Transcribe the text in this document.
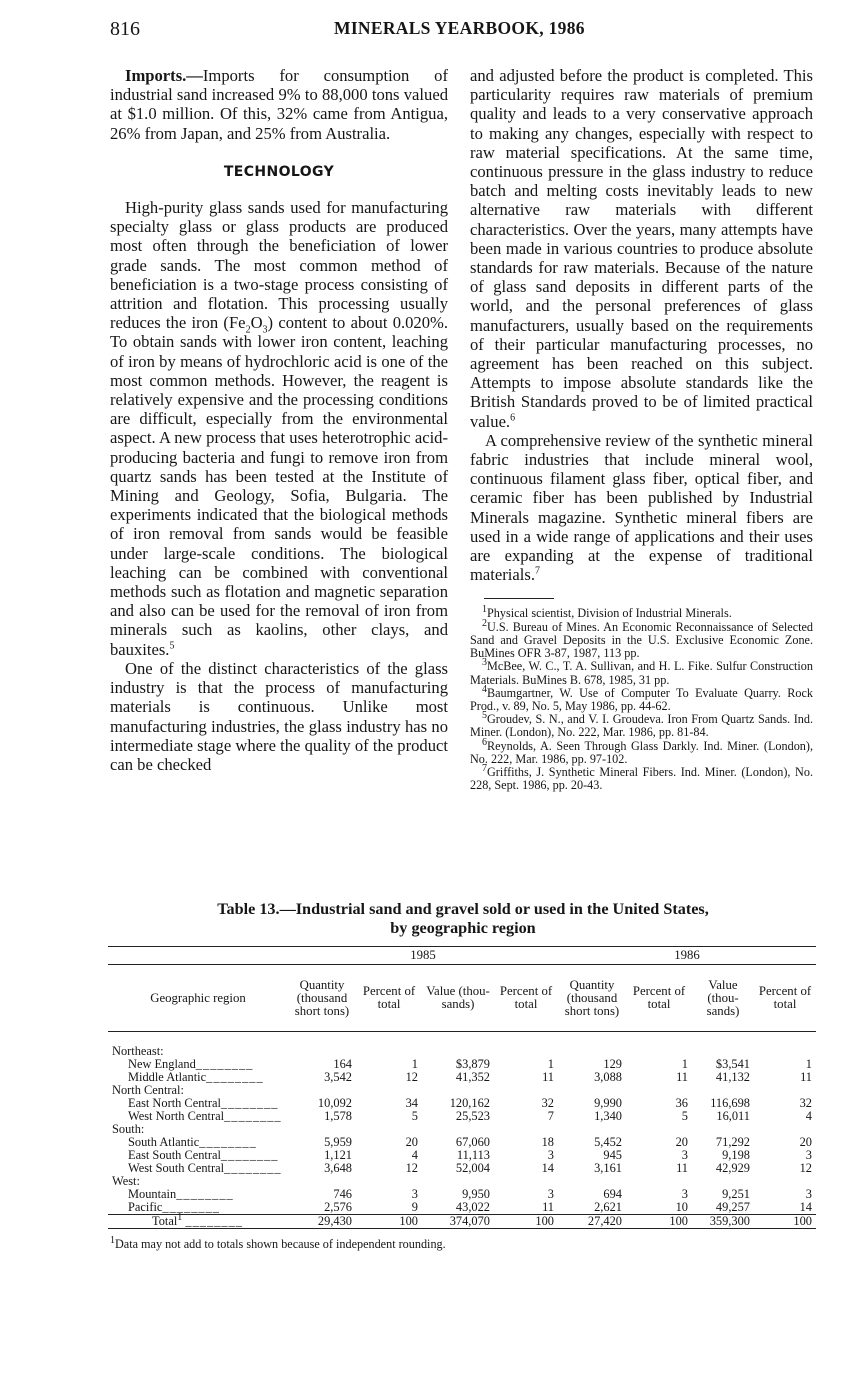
816	MINERALS YEARBOOK, 1986

Imports.—Imports for consumption of industrial sand increased 9% to 88,000 tons valued at $1.0 million. Of this, 32% came from Antigua, 26% from Japan, and 25% from Australia.

TECHNOLOGY

High-purity glass sands used for manufacturing specialty glass or glass products are produced most often through the beneficiation of lower grade sands. The most common method of beneficiation is a two-stage process consisting of attrition and flotation. This processing usually reduces the iron $(Fe_2O_3)$ content to about 0.020%. To obtain sands with lower iron content, leaching of iron by means of hydrochloric acid is one of the most common methods. However, the reagent is relatively expensive and the processing conditions are difficult, especially from the environmental aspect. A new process that uses heterotrophic acid-producing bacteria and fungi to remove iron from quartz sands has been tested at the Institute of Mining and Geology, Sofia, Bulgaria. The experiments indicated that the biological methods of iron removal from sands would be feasible under large-scale conditions. The biological leaching can be combined with conventional methods such as flotation and magnetic separation and also can be used for the removal of iron from minerals such as kaolins, other clays, and bauxites.$^5$

One of the distinct characteristics of the glass industry is that the process of manufacturing materials is continuous. Unlike most manufacturing industries, the glass industry has no intermediate stage where the quality of the product can be checked

and adjusted before the product is completed. This particularity requires raw materials of premium quality and leads to a very conservative approach to making any changes, especially with respect to raw material specifications. At the same time, continuous pressure in the glass industry to reduce batch and melting costs inevitably leads to new alternative raw materials with different characteristics. Over the years, many attempts have been made in various countries to produce absolute standards for raw materials. Because of the nature of glass sand deposits in different parts of the world, and the personal preferences of glass manufacturers, usually based on the requirements of their particular manufacturing processes, no agreement has been reached on this subject. Attempts to impose absolute standards like the British Standards proved to be of limited practical value.$^6$

A comprehensive review of the synthetic mineral fabric industries that include mineral wool, continuous filament glass fiber, optical fiber, and ceramic fiber has been published by Industrial Minerals magazine. Synthetic mineral fibers are used in a wide range of applications and their uses are expanding at the expense of traditional materials.$^7$

$^1$Physical scientist, Division of Industrial Minerals.

$^2$U.S. Bureau of Mines. An Economic Reconnaissance of Selected Sand and Gravel Deposits in the U.S. Exclusive Economic Zone. BuMines OFR 3-87, 1987, 113 pp.

$^3$McBee, W. C., T. A. Sullivan, and H. L. Fike. Sulfur Construction Materials. BuMines B. 678, 1985, 31 pp.

$^4$Baumgartner, W. Use of Computer To Evaluate Quarry. Rock Prod., v. 89, No. 5, May 1986, pp. 44-62.

$^5$Groudev, S. N., and V. I. Groudeva. Iron From Quartz Sands. Ind. Miner. (London), No. 222, Mar. 1986, pp. 81-84.

$^6$Reynolds, A. Seen Through Glass Darkly. Ind. Miner. (London), No. 222, Mar. 1986, pp. 97-102.

$^7$Griffiths, J. Synthetic Mineral Fibers. Ind. Miner. (London), No. 228, Sept. 1986, pp. 20-43.

Table 13.—Industrial sand and gravel sold or used in the United States,
by geographic region
	1985				1986			
Geographic region	Quantity (thousand short tons)	Percent of total	Value (thou- sands)	Percent of total	Quantity (thousand short tons)	Percent of total	Value (thou- sands)	Percent of total

Northeast:								
New England________	164	1	$3,879	1	129	1	$3,541	1
Middle Atlantic________	3,542	12	41,352	11	3,088	11	41,132	11
North Central:								
East North Central________	10,092	34	120,162	32	9,990	36	116,698	32
West North Central________	1,578	5	25,523	7	1,340	5	16,011	4
South:								
South Atlantic________	5,959	20	67,060	18	5,452	20	71,292	20
East South Central________	1,121	4	11,113	3	945	3	9,198	3
West South Central________	3,648	12	52,004	14	3,161	11	42,929	12
West:								
Mountain________	746	3	9,950	3	694	3	9,251	3
Pacific________	2,576	9	43,022	11	2,621	10	49,257	14
Total$^1$ ________	29,430	100	374,070	100	27,420	100	359,300	100
$^1$Data may not add to totals shown because of independent rounding.
